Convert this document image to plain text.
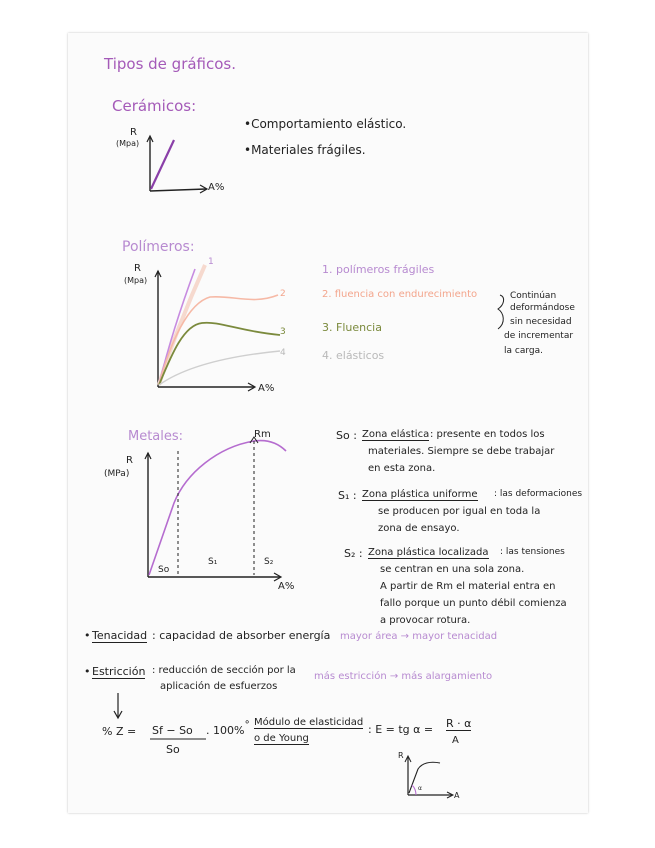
Tipos de gráficos.
Cerámicos:
R
(Mpa)
A%
•Comportamiento elástico.
•Materiales frágiles.
Polímeros:
R
(Mpa)
A%
1
2
3
4
1. polímeros frágiles
2. fluencia con endurecimiento
3. Fluencia
4. elásticos
Continúan
deformándose
sin necesidad
de incrementar
la carga.
Metales:
R
(MPa)
A%
Rm
So
S₁	S₂
So : Zona elástica : presente en todos los
materiales. Siempre se debe trabajar
en esta zona.
S₁ : Zona plástica uniforme : las deformaciones
se producen por igual en toda la
zona de ensayo.
S₂ : Zona plástica localizada : las tensiones
se centran en una sola zona.
A partir de Rm el material entra en
fallo porque un punto débil comienza
a provocar rotura.
• Tenacidad : capacidad de absorber energía mayor área → mayor tenacidad
• Estricción : reducción de sección por la
aplicación de esfuerzos
más estricción → más alargamiento
% Z = Sf − So . 100%
So
∘ Módulo de elasticidad
o de Young
: E = tg α = R · α
A
R
A
α
